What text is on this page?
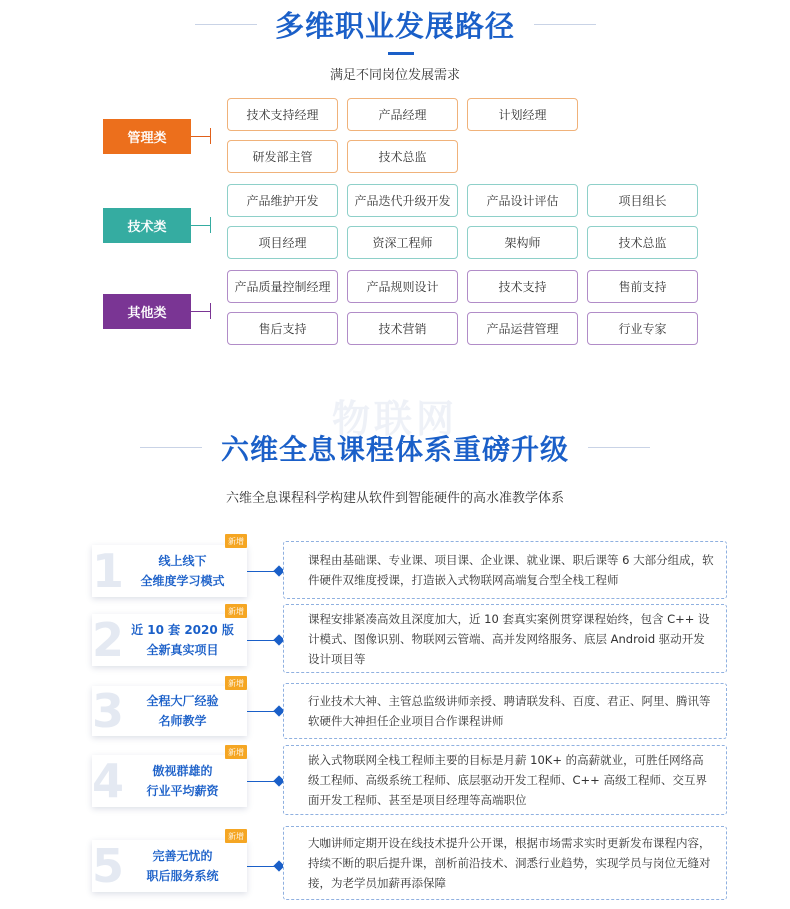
多维职业发展路径
满足不同岗位发展需求
管理类
技术支持经理	产品经理	计划经理
研发部主管	技术总监
技术类
产品维护开发	产品迭代升级开发	产品设计评估	项目组长
项目经理	资深工程师	架构师	技术总监
其他类
产品质量控制经理	产品规则设计	技术支持	售前支持
售后支持	技术营销	产品运营管理	行业专家
物联网
六维全息课程体系重磅升级
六维全息课程科学构建从软件到智能硬件的高水准教学体系
1	线上线下
全维度学习模式
新增
课程由基础课、专业课、项目课、企业课、就业课、职后课等 6 大部分组成，软件硬件双维度授课，打造嵌入式物联网高端复合型全栈工程师
2 近 10 套 2020 版
全新真实项目
新增
课程安排紧凑高效且深度加大，近 10 套真实案例贯穿课程始终，包含 C++ 设计模式、图像识别、物联网云管端、高并发网络服务、底层 Android 驱动开发设计项目等
3	全程大厂经验
名师教学
新增
行业技术大神、主管总监级讲师亲授、聘请联发科、百度、君正、阿里、腾讯等软硬件大神担任企业项目合作课程讲师
4	傲视群雄的
行业平均薪资
新增
嵌入式物联网全栈工程师主要的目标是月薪 10K+ 的高薪就业，可胜任网络高级工程师、高级系统工程师、底层驱动开发工程师、C++ 高级工程师、交互界面开发工程师、甚至是项目经理等高端职位
5	完善无忧的
职后服务系统
新增	大咖讲师定期开设在线技术提升公开课，根据市场需求实时更新发布课程内容，持续不断的职后提升课，剖析前沿技术、洞悉行业趋势，实现学员与岗位无缝对接，为老学员加薪再添保障
